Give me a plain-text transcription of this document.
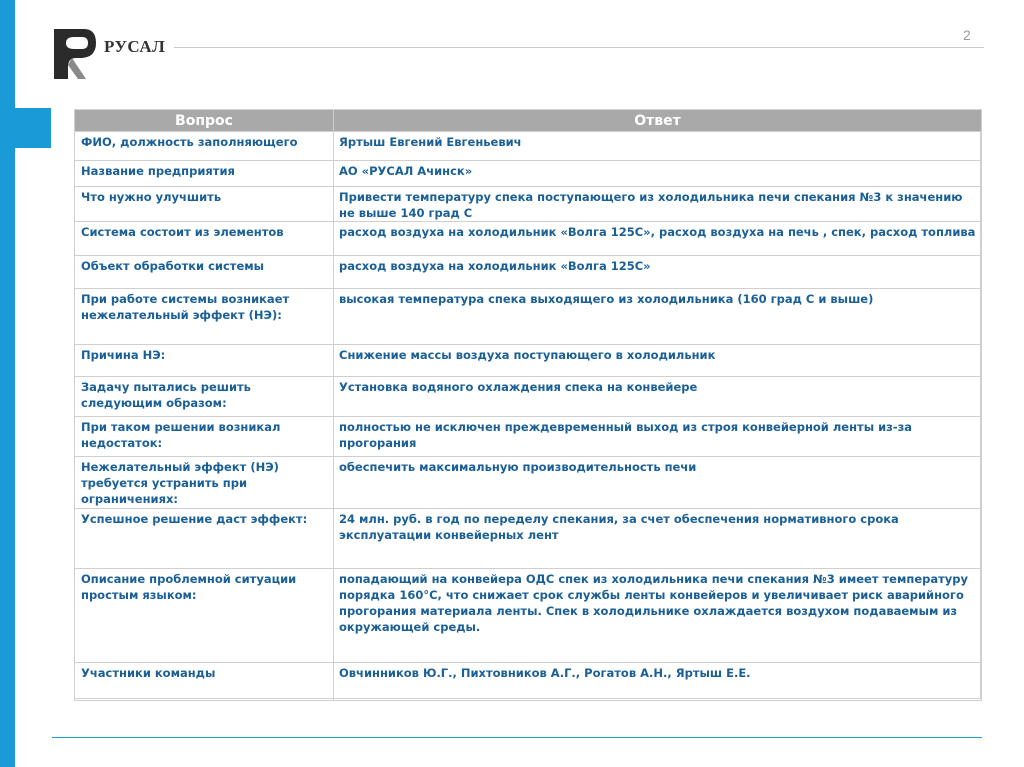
РУСАЛ
2
Вопрос	Ответ
ФИО, должность заполняющего	Яртыш Евгений Евгеньевич
Название предприятия	АО «РУСАЛ Ачинск»
Что нужно улучшить	Привести температуру спека поступающего из холодильника печи спекания №3 к значению не выше 140 град С
Система состоит из элементов	расход воздуха на холодильник «Волга 125С», расход воздуха на печь , спек, расход топлива
Объект обработки системы	расход воздуха на холодильник «Волга 125С»
При работе системы возникает нежелательный эффект (НЭ):	высокая температура спека выходящего из холодильника (160 град С и выше)
Причина НЭ:	Снижение массы воздуха поступающего в холодильник
Задачу пытались решить следующим образом:	Установка водяного охлаждения спека на конвейере
При таком решении возникал недостаток:	полностью не исключен преждевременный выход из строя конвейерной ленты из-за прогорания
Нежелательный эффект (НЭ) требуется устранить при ограничениях:	обеспечить максимальную производительность печи
Успешное решение даст эффект:	24 млн. руб. в год по переделу спекания, за счет обеспечения нормативного срока эксплуатации конвейерных лент
Описание проблемной ситуации простым языком:	попадающий на конвейера ОДС спек из холодильника печи спекания №3 имеет температуру порядка 160°С, что снижает срок службы ленты конвейеров и увеличивает риск аварийного прогорания материала ленты. Спек в холодильнике охлаждается воздухом подаваемым из окружающей среды.
Участники команды	Овчинников Ю.Г., Пихтовников А.Г., Рогатов А.Н., Яртыш Е.Е.
